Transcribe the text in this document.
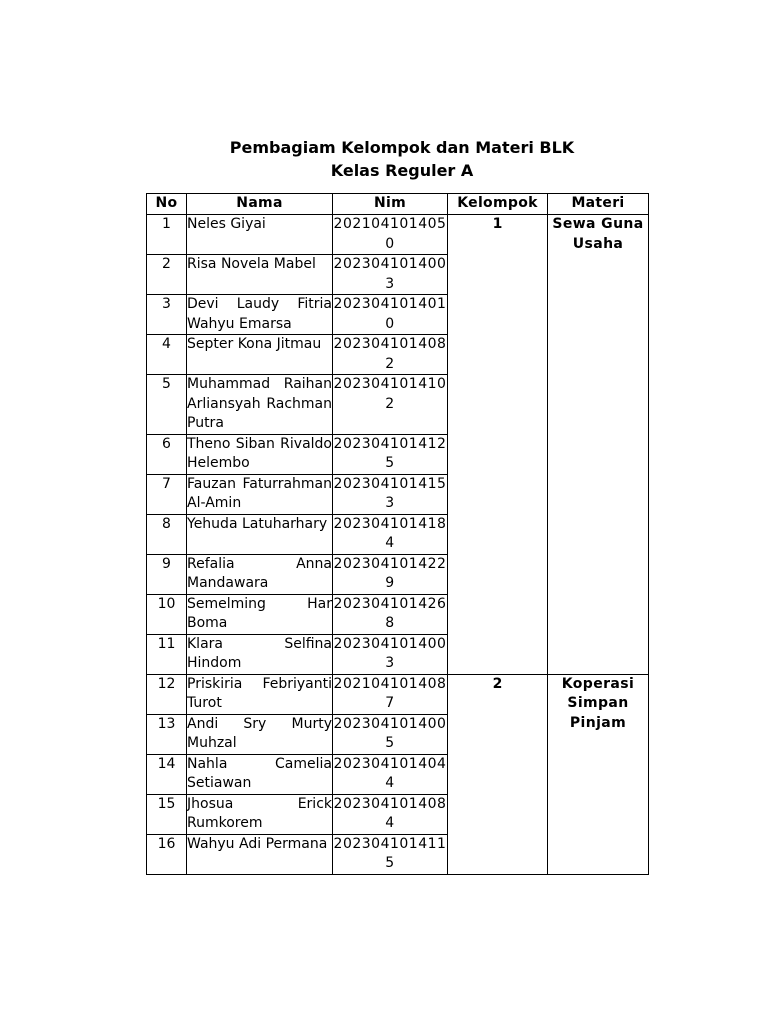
Pembagiam Kelompok dan Materi BLK
Kelas Reguler A
No	Nama	Nim	Kelompok	Materi
1	Neles Giyai	2021041014050	1	Sewa Guna Usaha
2	Risa Novela Mabel	2023041014003		
3	Devi Laudy Fitria Wahyu Emarsa	2023041014010		
4	Septer Kona Jitmau	2023041014082		
5	Muhammad Raihan Arliansyah Rachman Putra	2023041014102		
6	Theno Siban Rivaldo Helembo	2023041014125		
7	Fauzan Faturrahman Al-Amin	2023041014153		
8	Yehuda Latuharhary	2023041014184		
9	Refalia Anna Mandawara	2023041014229		
10	Semelming Har Boma	2023041014268		
11	Klara Selfina Hindom	2023041014003		
12	Priskiria Febriyanti Turot	2021041014087	2	Koperasi Simpan Pinjam
13	Andi Sry Murty Muhzal	2023041014005		
14	Nahla Camelia Setiawan	2023041014044		
15	Jhosua Erick Rumkorem	2023041014084		
16	Wahyu Adi Permana	2023041014115		
